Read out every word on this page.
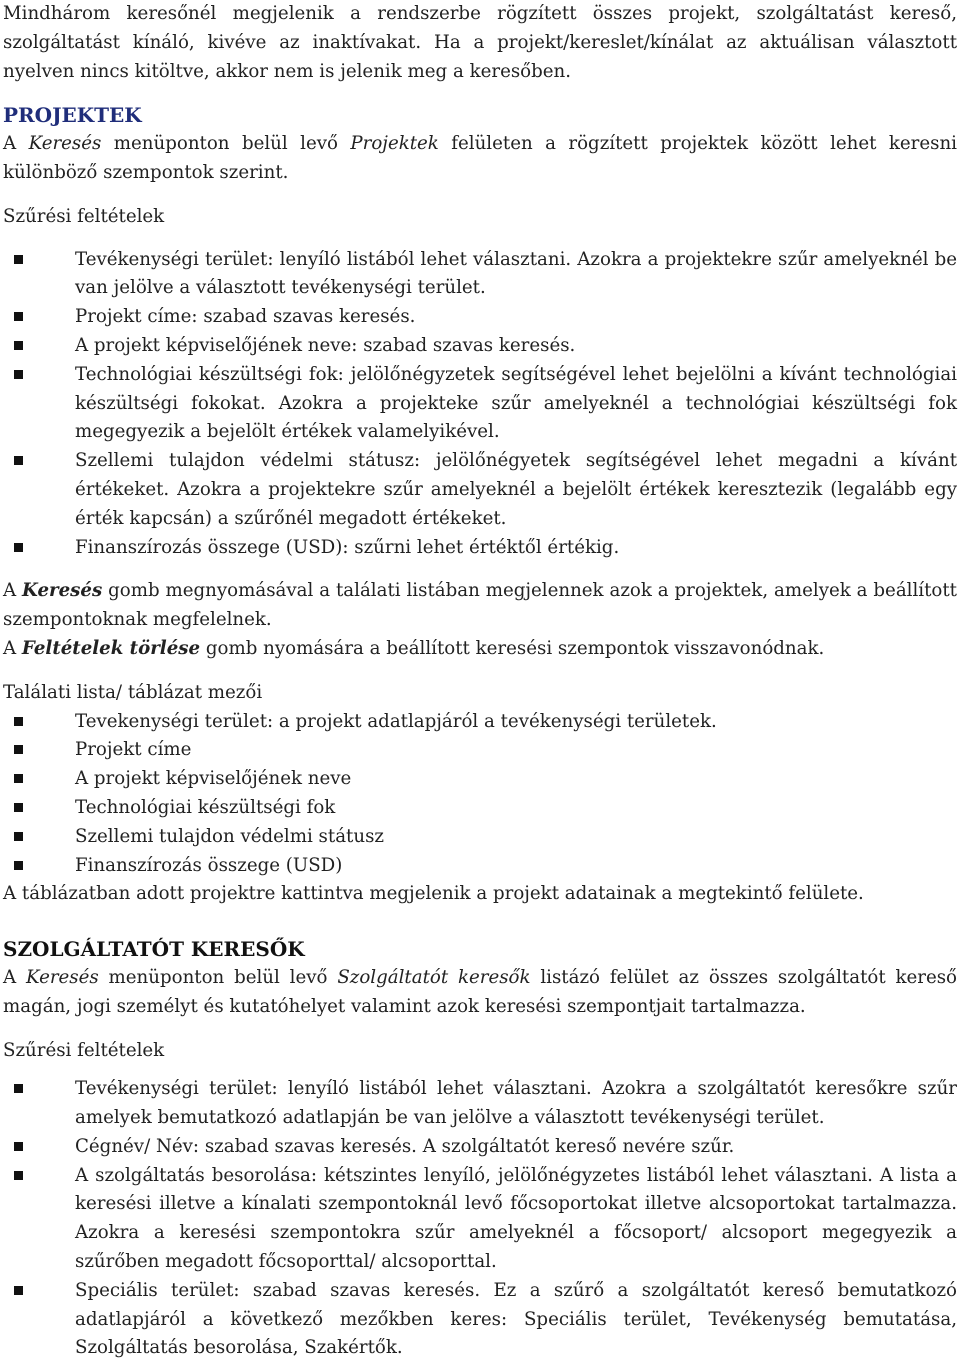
Mindhárom keresőnél megjelenik a rendszerbe rögzített összes projekt, szolgáltatást kereső, szolgáltatást kínáló, kivéve az inaktívakat. Ha a projekt/kereslet/kínálat az aktuálisan választott nyelven nincs kitöltve, akkor nem is jelenik meg a keresőben.

PROJEKTEK

A Keresés menüponton belül levő Projektek felületen a rögzített projektek között lehet keresni különböző szempontok szerint.

Szűrési feltételek

Tevékenységi terület: lenyíló listából lehet választani. Azokra a projektekre szűr amelyeknél be van jelölve a választott tevékenységi terület.
Projekt címe: szabad szavas keresés.
A projekt képviselőjének neve: szabad szavas keresés.
Technológiai készültségi fok: jelölőnégyzetek segítségével lehet bejelölni a kívánt technológiai készültségi fokokat. Azokra a projekteke szűr amelyeknél a technológiai készültségi fok megegyezik a bejelölt értékek valamelyikével.
Szellemi tulajdon védelmi státusz: jelölőnégyetek segítségével lehet megadni a kívánt értékeket. Azokra a projektekre szűr amelyeknél a bejelölt értékek keresztezik (legalább egy érték kapcsán) a szűrőnél megadott értékeket.
Finanszírozás összege (USD): szűrni lehet értéktől értékig.

A Keresés gomb megnyomásával a találati listában megjelennek azok a projektek, amelyek a beállított szempontoknak megfelelnek.

A Feltételek törlése gomb nyomására a beállított keresési szempontok visszavonódnak.

Találati lista/ táblázat mezői

Tevekenységi terület: a projekt adatlapjáról a tevékenységi területek.
Projekt címe
A projekt képviselőjének neve
Technológiai készültségi fok
Szellemi tulajdon védelmi státusz
Finanszírozás összege (USD)

A táblázatban adott projektre kattintva megjelenik a projekt adatainak a megtekintő felülete.

SZOLGÁLTATÓT KERESŐK

A Keresés menüponton belül levő Szolgáltatót keresők listázó felület az összes szolgáltatót kereső magán, jogi személyt és kutatóhelyet valamint azok keresési szempontjait tartalmazza.

Szűrési feltételek

Tevékenységi terület: lenyíló listából lehet választani. Azokra a szolgáltatót keresőkre szűr amelyek bemutatkozó adatlapján be van jelölve a választott tevékenységi terület.
Cégnév/ Név: szabad szavas keresés. A szolgáltatót kereső nevére szűr.
A szolgáltatás besorolása: kétszintes lenyíló, jelölőnégyzetes listából lehet választani. A lista a keresési illetve a kínalati szempontoknál levő főcsoportokat illetve alcsoportokat tartalmazza. Azokra a keresési szempontokra szűr amelyeknél a főcsoport/ alcsoport megegyezik a szűrőben megadott főcsoporttal/ alcsoporttal.
Speciális terület: szabad szavas keresés. Ez a szűrő a szolgáltatót kereső bemutatkozó adatlapjáról a következő mezőkben keres: Speciális terület, Tevékenység bemutatása, Szolgáltatás besorolása, Szakértők.
